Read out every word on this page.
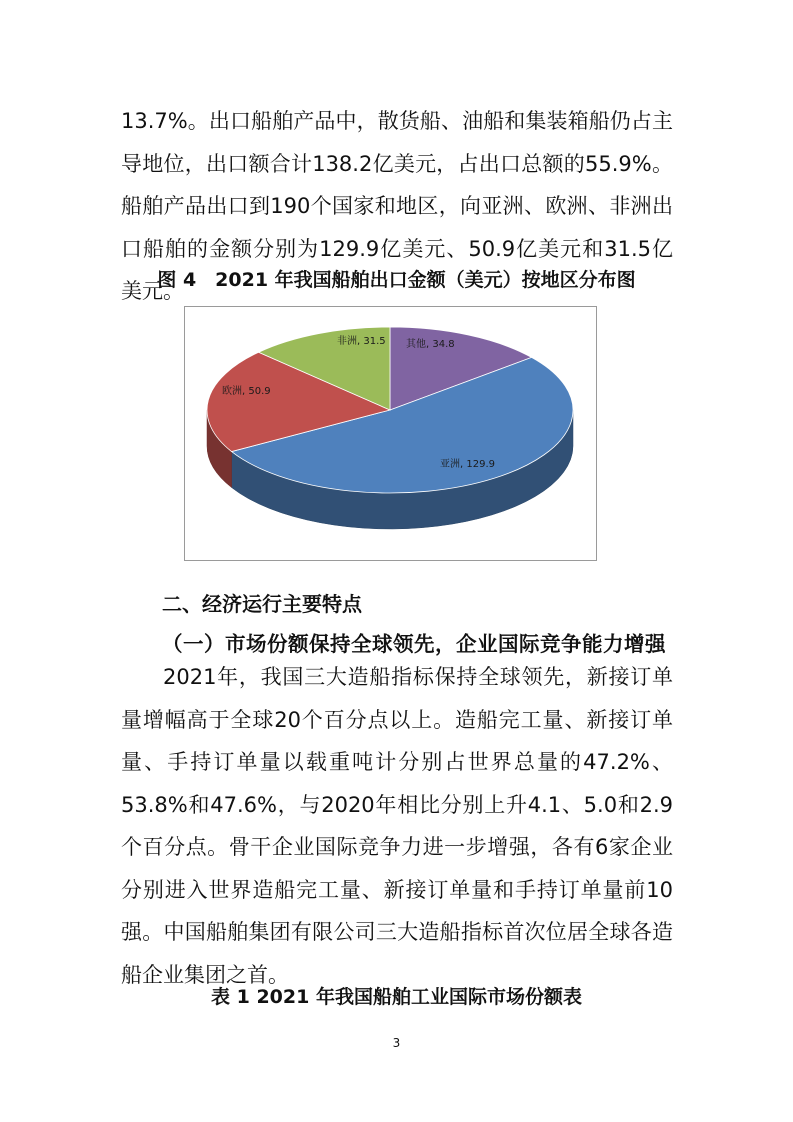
13.7%。出口船舶产品中，散货船、油船和集装箱船仍占主导地位，出口额合计138.2亿美元，占出口总额的55.9%。船舶产品出口到190个国家和地区，向亚洲、欧洲、非洲出口船舶的金额分别为129.9亿美元、50.9亿美元和31.5亿美元。

图 4　2021 年我国船舶出口金额（美元）按地区分布图

其他, 34.8
亚洲, 129.9
欧洲, 50.9
非洲, 31.5

二、经济运行主要特点

（一）市场份额保持全球领先，企业国际竞争能力增强

2021年，我国三大造船指标保持全球领先，新接订单量增幅高于全球20个百分点以上。造船完工量、新接订单量、手持订单量以载重吨计分别占世界总量的47.2%、53.8%和47.6%，与2020年相比分别上升4.1、5.0和2.9个百分点。骨干企业国际竞争力进一步增强，各有6家企业分别进入世界造船完工量、新接订单量和手持订单量前10强。中国船舶集团有限公司三大造船指标首次位居全球各造船企业集团之首。

表 1 2021 年我国船舶工业国际市场份额表

3
